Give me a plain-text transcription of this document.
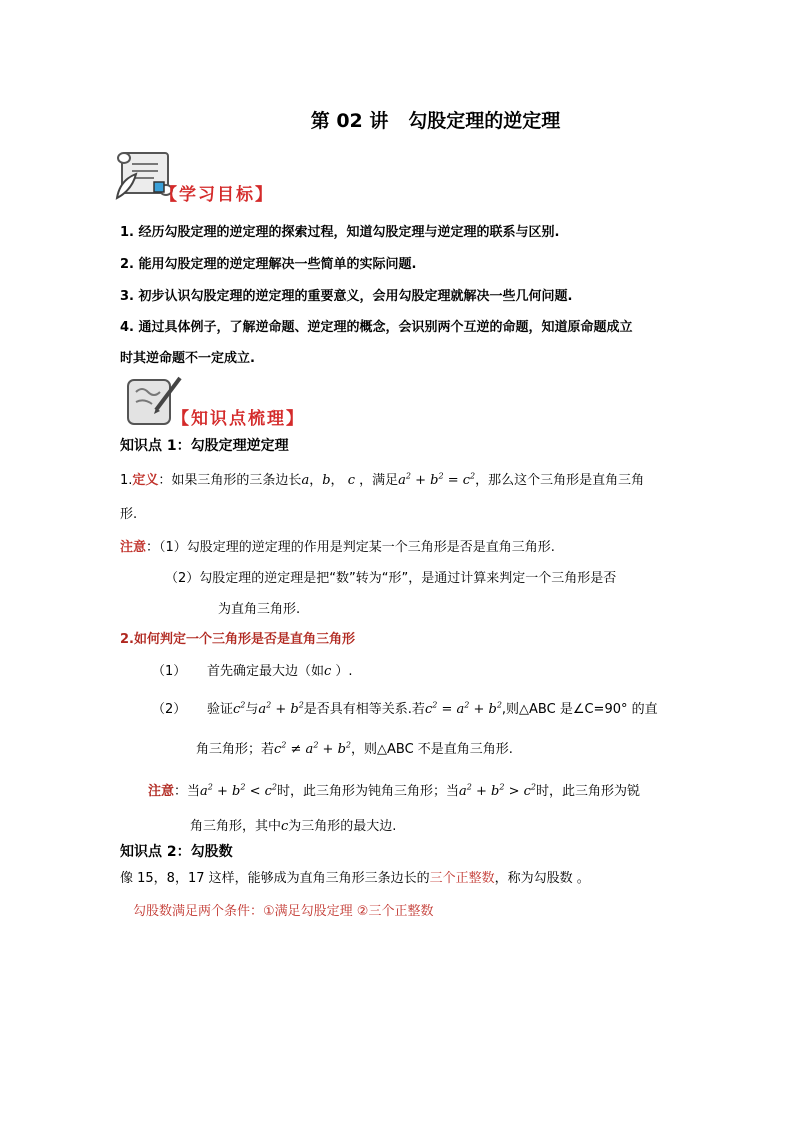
第 02 讲 勾股定理的逆定理
【学习目标】
1. 经历勾股定理的逆定理的探索过程，知道勾股定理与逆定理的联系与区别.
2. 能用勾股定理的逆定理解决一些简单的实际问题.
3. 初步认识勾股定理的逆定理的重要意义，会用勾股定理就解决一些几何问题.
4. 通过具体例子，了解逆命题、逆定理的概念，会识别两个互逆的命题，知道原命题成立
时其逆命题不一定成立.
【知识点梳理】
知识点 1：勾股定理逆定理
1.定义：如果三角形的三条边长a，b， c ，满足$a^2 + b^2 = c^2$，那么这个三角形是直角三角
形.
注意：（1）勾股定理的逆定理的作用是判定某一个三角形是否是直角三角形.
（2）勾股定理的逆定理是把“数”转为“形”，是通过计算来判定一个三角形是否
为直角三角形.
2.如何判定一个三角形是否是直角三角形
（1） 首先确定最大边（如c ）.
（2） 验证$c^2$与$a^2 + b^2$是否具有相等关系.若$c^2 = a^2 + b^2$,则△ABC 是∠C=90° 的直
角三角形；若$c^2 \ne a^2 + b^2$，则△ABC 不是直角三角形.
注意：当$a^2 + b^2 < c^2$时，此三角形为钝角三角形；当$a^2 + b^2 > c^2$时，此三角形为锐
角三角形，其中c为三角形的最大边.
知识点 2：勾股数
像 15，8，17 这样，能够成为直角三角形三条边长的三个正整数，称为勾股数 。
勾股数满足两个条件：①满足勾股定理 ②三个正整数
